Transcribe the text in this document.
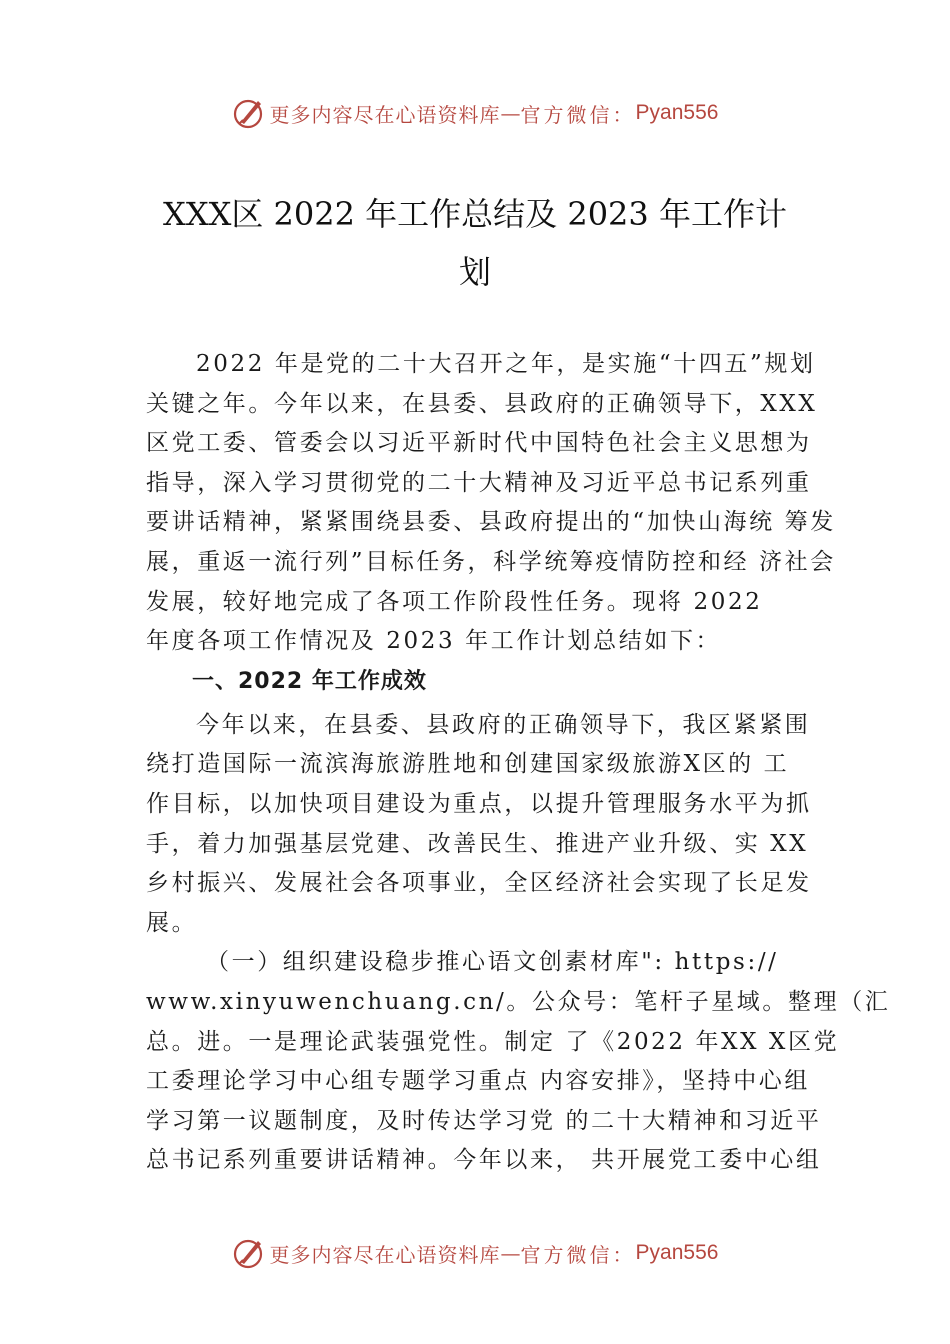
更多内容尽在心语资料库 — 官方微信： Pyan556
XXX区 2022 年工作总结及 2023 年工作计
划
2022 年是党的二十大召开之年，是实施“十四五”规划
关键之年。今年以来，在县委、县政府的正确领导下，XXX
区党工委、管委会以习近平新时代中国特色社会主义思想为
指导，深入学习贯彻党的二十大精神及习近平总书记系列重
要讲话精神，紧紧围绕县委、县政府提出的“加快山海统 筹发
展，重返一流行列”目标任务，科学统筹疫情防控和经 济社会
发展，较好地完成了各项工作阶段性任务。现将 2022
年度各项工作情况及 2023 年工作计划总结如下：
一、2022 年工作成效
今年以来，在县委、县政府的正确领导下，我区紧紧围
绕打造国际一流滨海旅游胜地和创建国家级旅游X区的 工
作目标，以加快项目建设为重点，以提升管理服务水平为抓
手，着力加强基层党建、改善民生、推进产业升级、实 XX
乡村振兴、发展社会各项事业，全区经济社会实现了长足发
展。
（一）组织建设稳步推心语文创素材库": https://
www.xinyuwenchuang.cn/。公众号：笔杆子星域。整理（汇
总。进。一是理论武装强党性。制定 了《2022 年XX X区党
工委理论学习中心组专题学习重点 内容安排》，坚持中心组
学习第一议题制度，及时传达学习党 的二十大精神和习近平
总书记系列重要讲话精神。今年以来， 共开展党工委中心组
更多内容尽在心语资料库 — 官方微信： Pyan556
